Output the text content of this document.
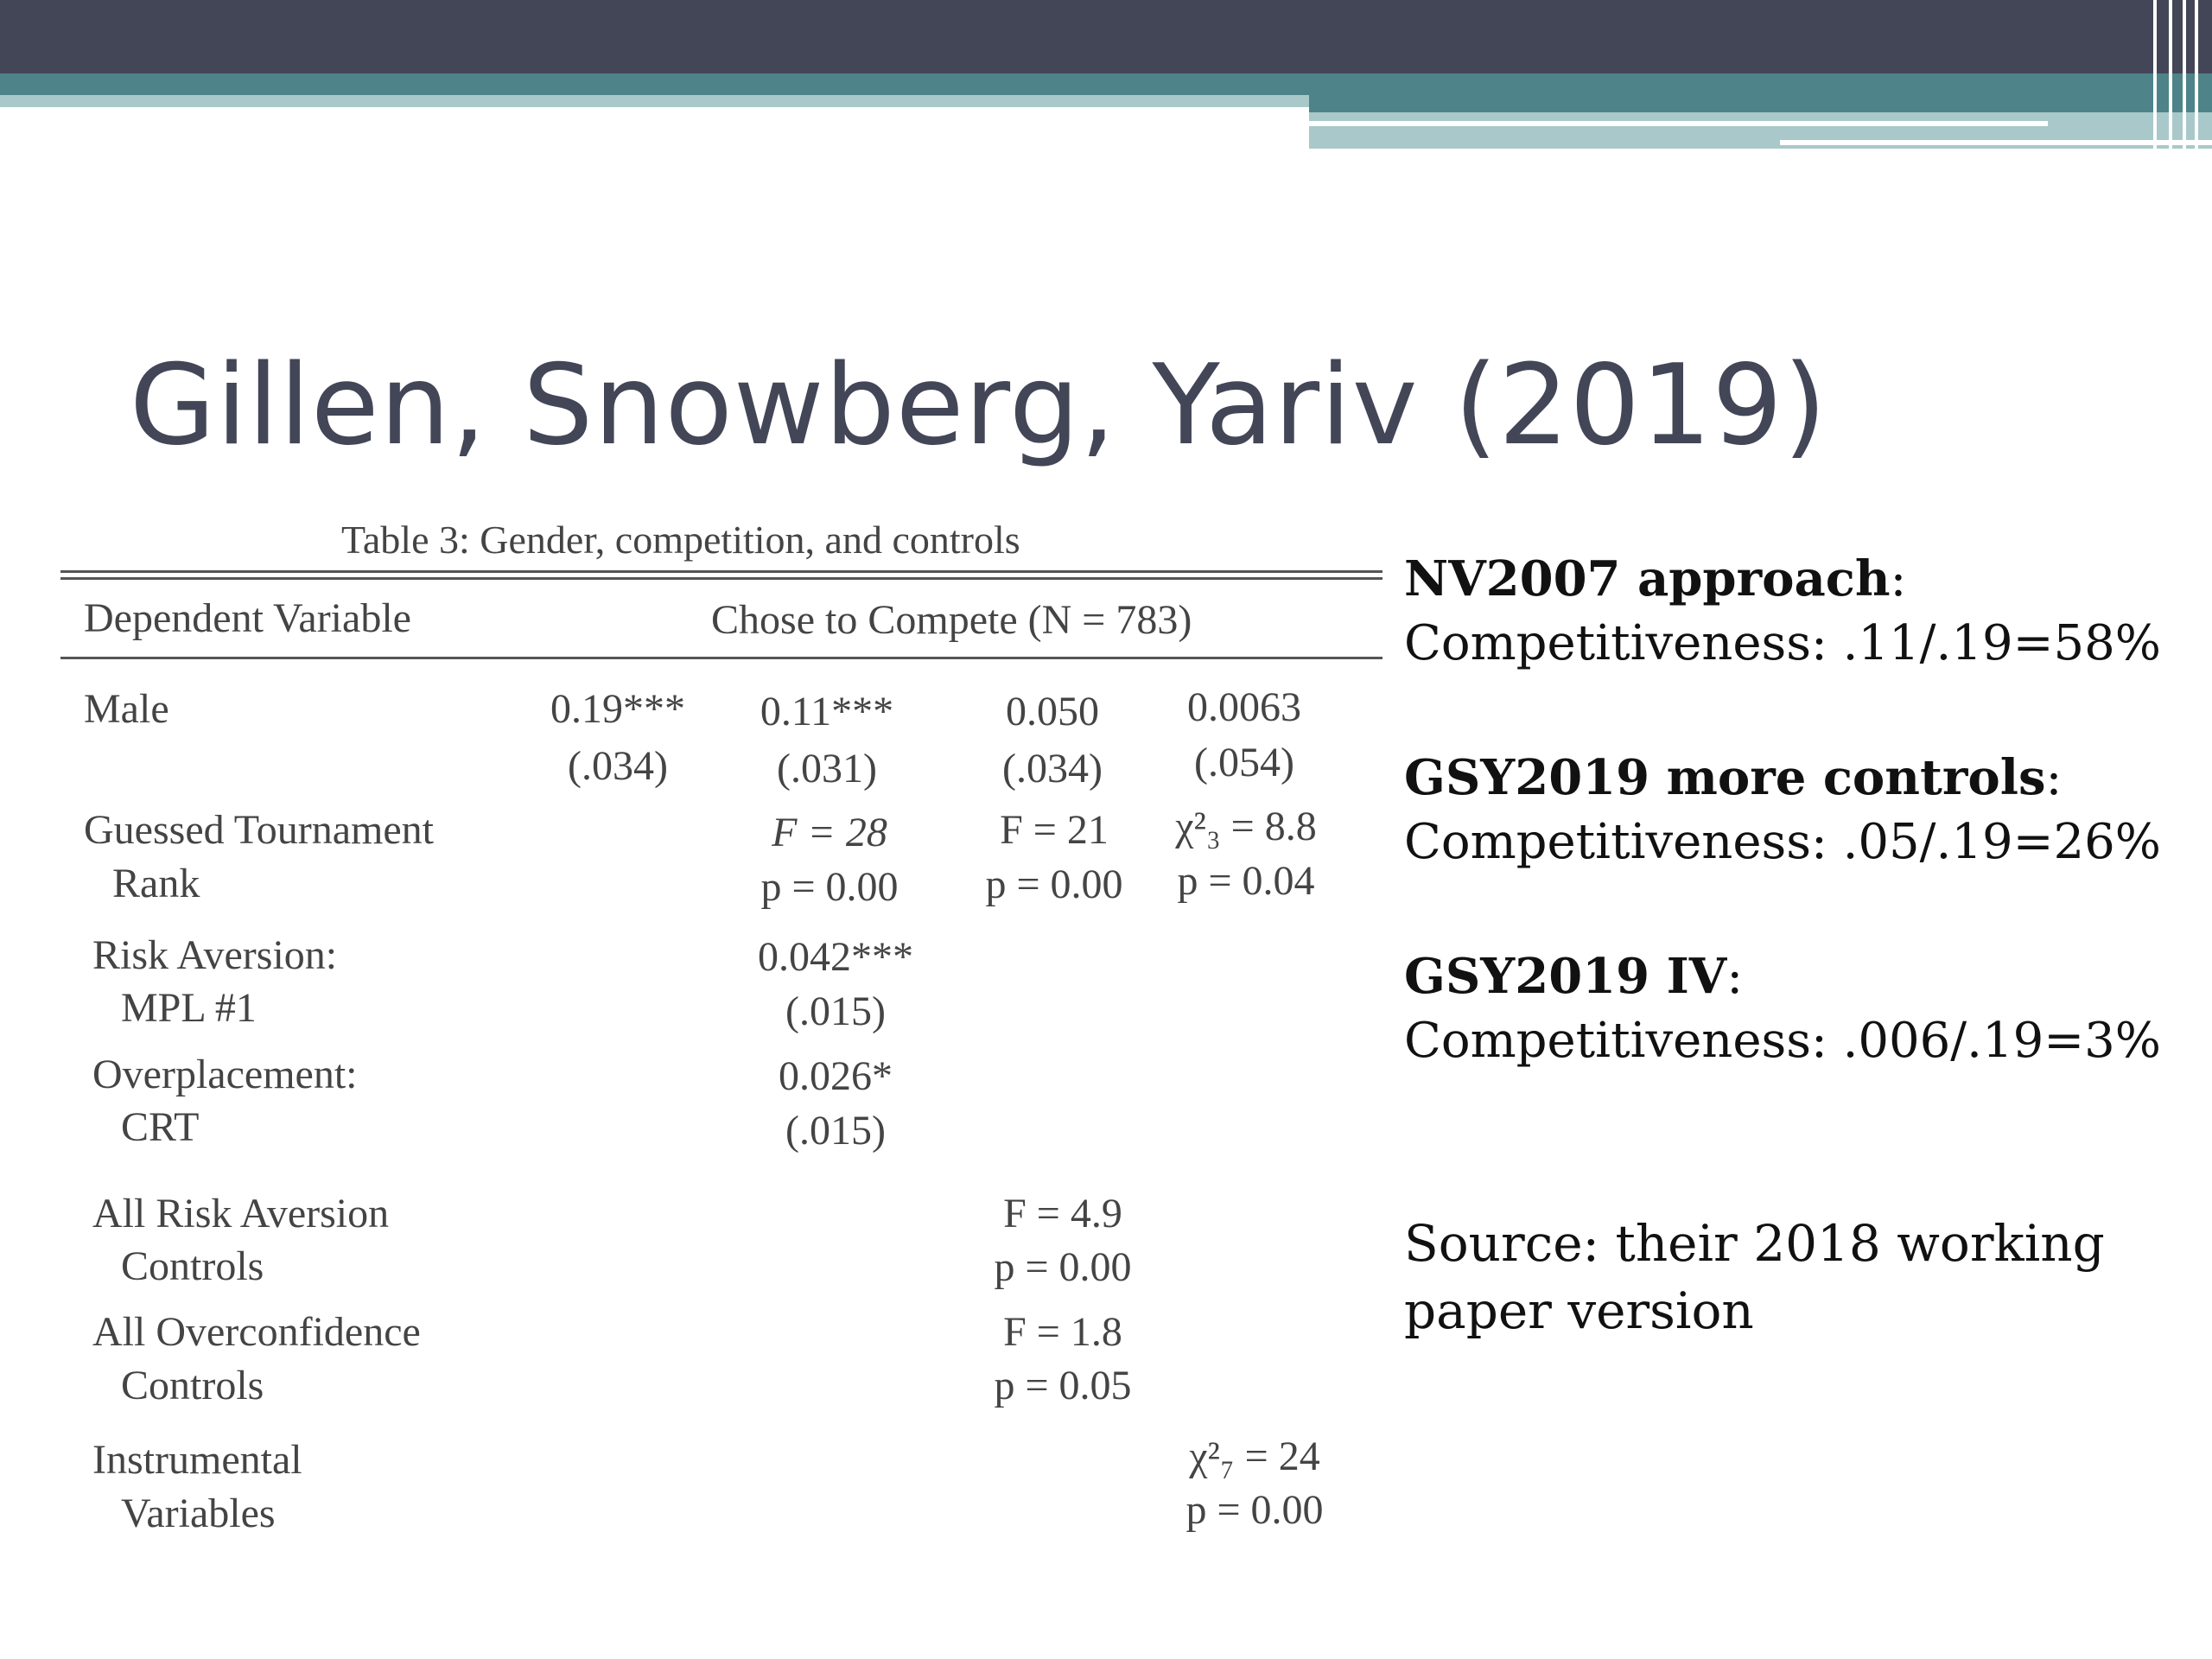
Gillen, Snowberg, Yariv (2019)
Table 3: Gender, competition, and controls
Dependent Variable	Chose to Compete (N = 783)
Male	0.19***
(.034)
0.11***
(.031)
0.050
(.034)
0.0063
(.054)
Guessed Tournament
Rank
F = 28
p = 0.00
F = 21
p = 0.00
χ²₃ = 8.8
p = 0.04
Risk Aversion:
MPL #1
0.042***
(.015)
Overplacement:
CRT
0.026*
(.015)
All Risk Aversion
Controls
F = 4.9
p = 0.00
All Overconfidence
Controls
F = 1.8
p = 0.05
Instrumental
Variables
χ²₇ = 24
p = 0.00
NV2007 approach:
Competitiveness: .11/.19=58%
GSY2019 more controls:
Competitiveness: .05/.19=26%
GSY2019 IV:
Competitiveness: .006/.19=3%
Source: their 2018 working paper version
